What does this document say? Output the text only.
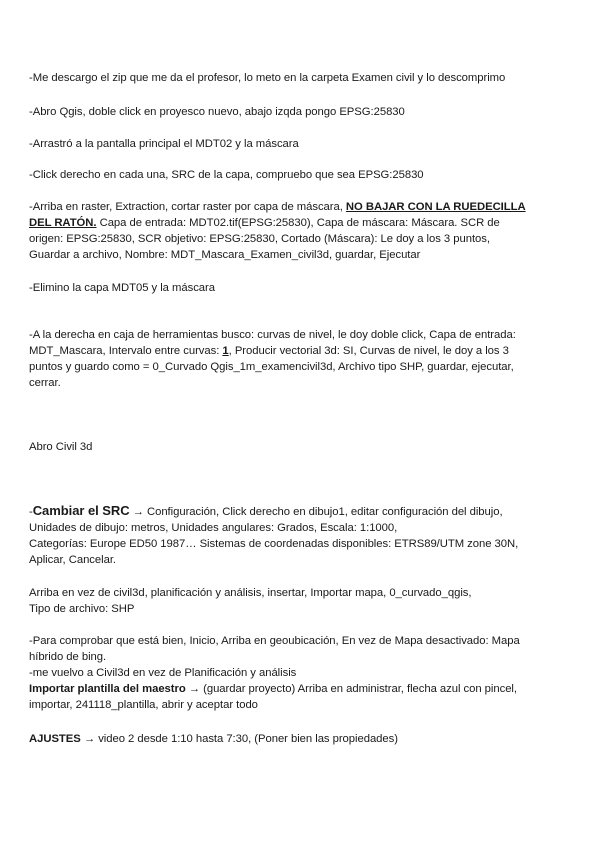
-Me descargo el zip que me da el profesor, lo meto en la carpeta Examen civil y lo descomprimo
-Abro Qgis, doble click en proyesco nuevo, abajo izqda pongo EPSG:25830
-Arrastró a la pantalla principal el MDT02 y la máscara
-Click derecho en cada una, SRC de la capa, compruebo que sea EPSG:25830
-Arriba en raster, Extraction, cortar raster por capa de máscara, NO BAJAR CON LA RUEDECILLA
DEL RATÓN. Capa de entrada: MDT02.tif(EPSG:25830), Capa de máscara: Máscara. SCR de
origen: EPSG:25830, SCR objetivo: EPSG:25830, Cortado (Máscara): Le doy a los 3 puntos,
Guardar a archivo, Nombre: MDT_Mascara_Examen_civil3d, guardar, Ejecutar
-Elimino la capa MDT05 y la máscara
-A la derecha en caja de herramientas busco: curvas de nivel, le doy doble click, Capa de entrada:
MDT_Mascara, Intervalo entre curvas: 1, Producir vectorial 3d: SI, Curvas de nivel, le doy a los 3
puntos y guardo como = 0_Curvado Qgis_1m_examencivil3d, Archivo tipo SHP, guardar, ejecutar,
cerrar.
Abro Civil 3d
-Cambiar el SRC → Configuración, Click derecho en dibujo1, editar configuración del dibujo,
Unidades de dibujo: metros, Unidades angulares: Grados, Escala: 1:1000,
Categorías: Europe ED50 1987… Sistemas de coordenadas disponibles: ETRS89/UTM zone 30N,
Aplicar, Cancelar.
Arriba en vez de civil3d, planificación y análisis, insertar, Importar mapa, 0_curvado_qgis,
Tipo de archivo: SHP
-Para comprobar que está bien, Inicio, Arriba en geoubicación, En vez de Mapa desactivado: Mapa
híbrido de bing.
-me vuelvo a Civil3d en vez de Planificación y análisis
Importar plantilla del maestro → (guardar proyecto) Arriba en administrar, flecha azul con pincel,
importar, 241118_plantilla, abrir y aceptar todo
AJUSTES → video 2 desde 1:10 hasta 7:30, (Poner bien las propiedades)
